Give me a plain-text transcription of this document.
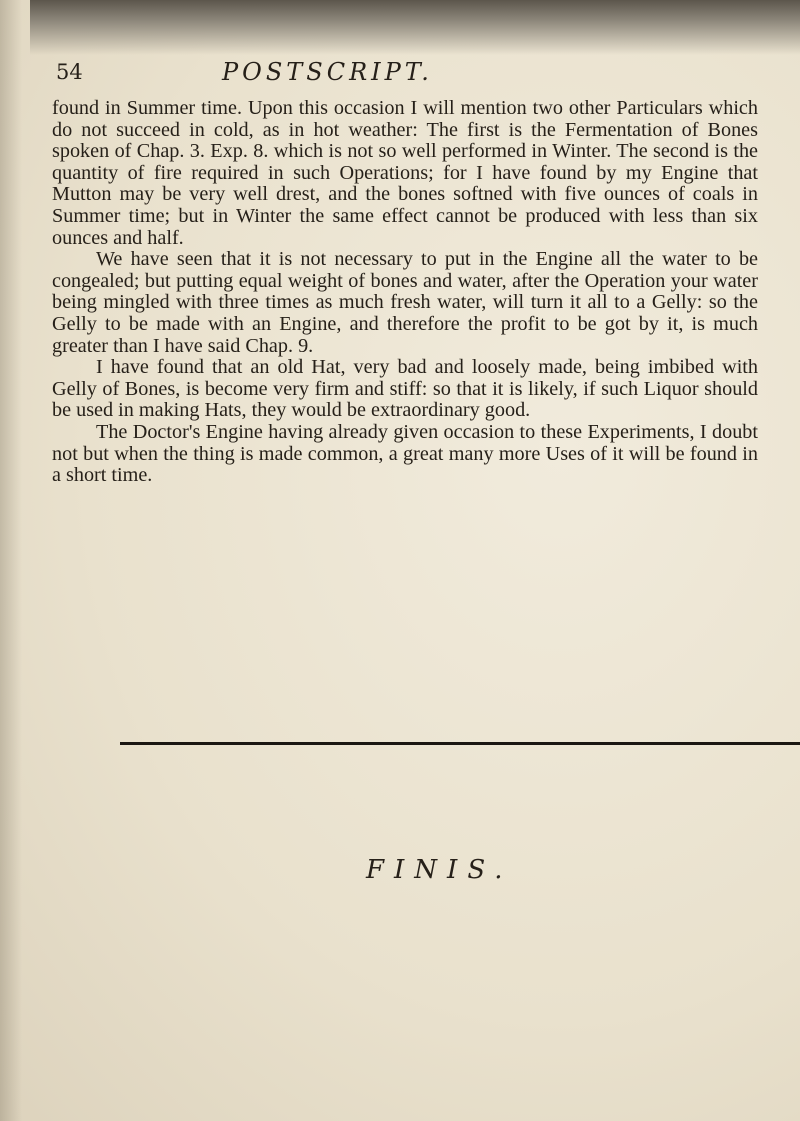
54	POSTSCRIPT.

found in Summer time. Upon this occasion I will mention two other Particulars which do not succeed in cold, as in hot weather: The first is the Fermentation of Bones spoken of Chap. 3. Exp. 8. which is not so well performed in Winter. The second is the quantity of fire required in such Operations; for I have found by my Engine that Mutton may be very well drest, and the bones softned with five ounces of coals in Summer time; but in Winter the same effect cannot be produced with less than six ounces and half.

We have seen that it is not necessary to put in the Engine all the water to be congealed; but putting equal weight of bones and water, after the Operation your water being mingled with three times as much fresh water, will turn it all to a Gelly: so the Gelly to be made with an Engine, and therefore the profit to be got by it, is much greater than I have said Chap. 9.

I have found that an old Hat, very bad and loosely made, being imbibed with Gelly of Bones, is become very firm and stiff: so that it is likely, if such Liquor should be used in making Hats, they would be extraordinary good.

The Doctor's Engine having already given occasion to these Experiments, I doubt not but when the thing is made common, a great many more Uses of it will be found in a short time.

FINIS.
